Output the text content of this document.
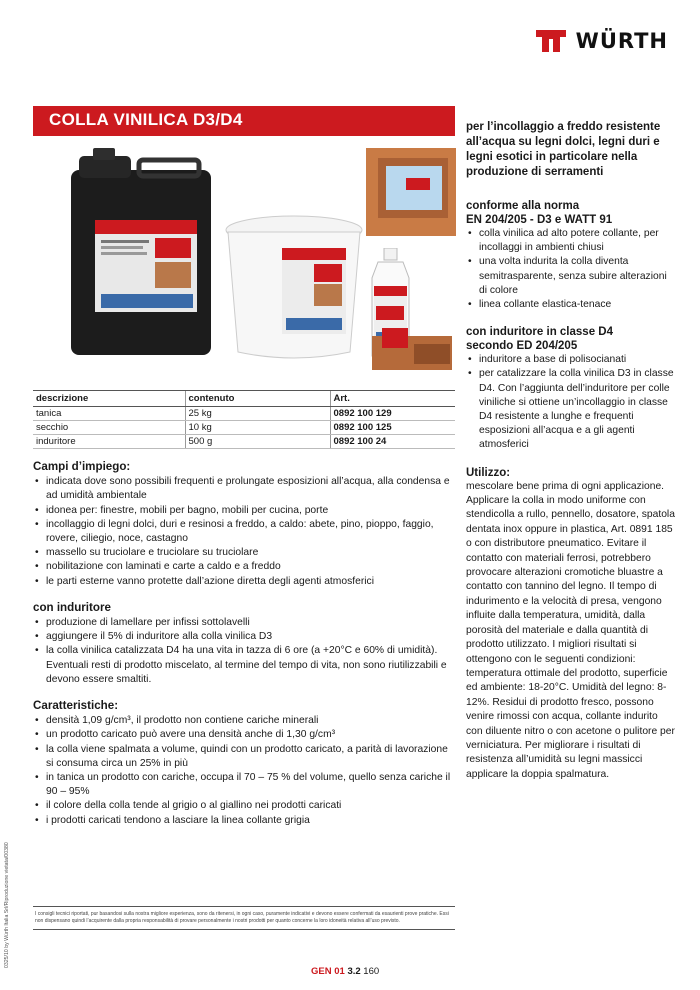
WÜRTH
COLLA VINILICA D3/D4
descrizione	contenuto	Art.
tanica	25 kg	0892 100 129
secchio	10 kg	0892 100 125
induritore	500 g	0892 100 24
Campi d’impiego:
• indicata dove sono possibili frequenti e prolungate esposizioni all’acqua, alla condensa e ad umidità ambientale
• idonea per: finestre, mobili per bagno, mobili per cucina, porte
• incollaggio di legni dolci, duri e resinosi a freddo, a caldo: abete, pino, pioppo, faggio, rovere, ciliegio, noce, castagno
• massello su truciolare e truciolare su truciolare
• nobilitazione con laminati e carte a caldo e a freddo
• le parti esterne vanno protette dall’azione diretta degli agenti atmosferici
con induritore
• produzione di lamellare per infissi sottolavelli
• aggiungere il 5% di induritore alla colla vinilica D3
• la colla vinilica catalizzata D4 ha una vita in tazza di 6 ore (a +20°C e 60% di umidità). Eventuali resti di prodotto miscelato, al termine del tempo di vita, non sono riutilizzabili e devono essere smaltiti.
Caratteristiche:
• densità 1,09 g/cm³, il prodotto non contiene cariche minerali
• un prodotto caricato può avere una densità anche di 1,30 g/cm³
• la colla viene spalmata a volume, quindi con un prodotto caricato, a parità di lavorazione si consuma circa un 25% in più
• in tanica un prodotto con cariche, occupa il 70 – 75 % del volume, quello senza cariche il 90 – 95%
• il colore della colla tende al grigio o al giallino nei prodotti caricati
• i prodotti caricati tendono a lasciare la linea collante grigia
per l’incollaggio a freddo resistente all’acqua su legni dolci, legni duri e legni esotici in particolare nella produzione di serramenti
conforme alla norma
EN 204/205 - D3 e WATT 91
• colla vinilica ad alto potere collante, per incollaggi in ambienti chiusi
• una volta indurita la colla diventa semitrasparente, senza subire alterazioni di colore
• linea collante elastica-tenace
con induritore in classe D4
secondo ED 204/205
• induritore a base di polisocianati
• per catalizzare la colla vinilica D3 in classe D4. Con l’aggiunta dell’induritore per colle viniliche si ottiene un’incollaggio in classe D4 resistente a lunghe e frequenti esposizioni all’acqua e a gli agenti atmosferici
Utilizzo:
mescolare bene prima di ogni applicazione. Applicare la colla in modo uniforme con stendicolla a rullo, pennello, dosatore, spatola dentata inox oppure in plastica, Art. 0891 185 o con distributore pneumatico. Evitare il contatto con materiali ferrosi, potrebbero provocare alterazioni cromotiche bluastre a contatto con tannino del legno. Il tempo di indurimento e la velocità di presa, vengono influite dalla temperatura, umidità, dalla porosità del materiale e dalla quantità di prodotto utilizzato. I migliori risultati si ottengono con le seguenti condizioni: temperatura ottimale del prodotto, superficie ed ambiente: 18-20°C. Umidità del legno: 8-12%. Residui di prodotto fresco, possono venire rimossi con acqua, collante indurito con diluente nitro o con acetone o pulitore per verniciatura. Per migliorare i risultati di resistenza all’umidità su legni massicci applicare la doppia spalmatura.
I consigli tecnici riportati, pur basandosi sulla nostra migliore esperienza, sono da ritenersi, in ogni caso, puramente indicativi e devono essere confermati da esaurienti prove pratiche. Essi non dispensano quindi l’acquirente dalla propria responsabilità di provare personalmente i nostri prodotti per quanto concerne la loro idoneità relativa all’uso previsto.
0325/10 by Würth Italia Srl/Riproduzione vietata/00380
GEN 01 3.2 160
